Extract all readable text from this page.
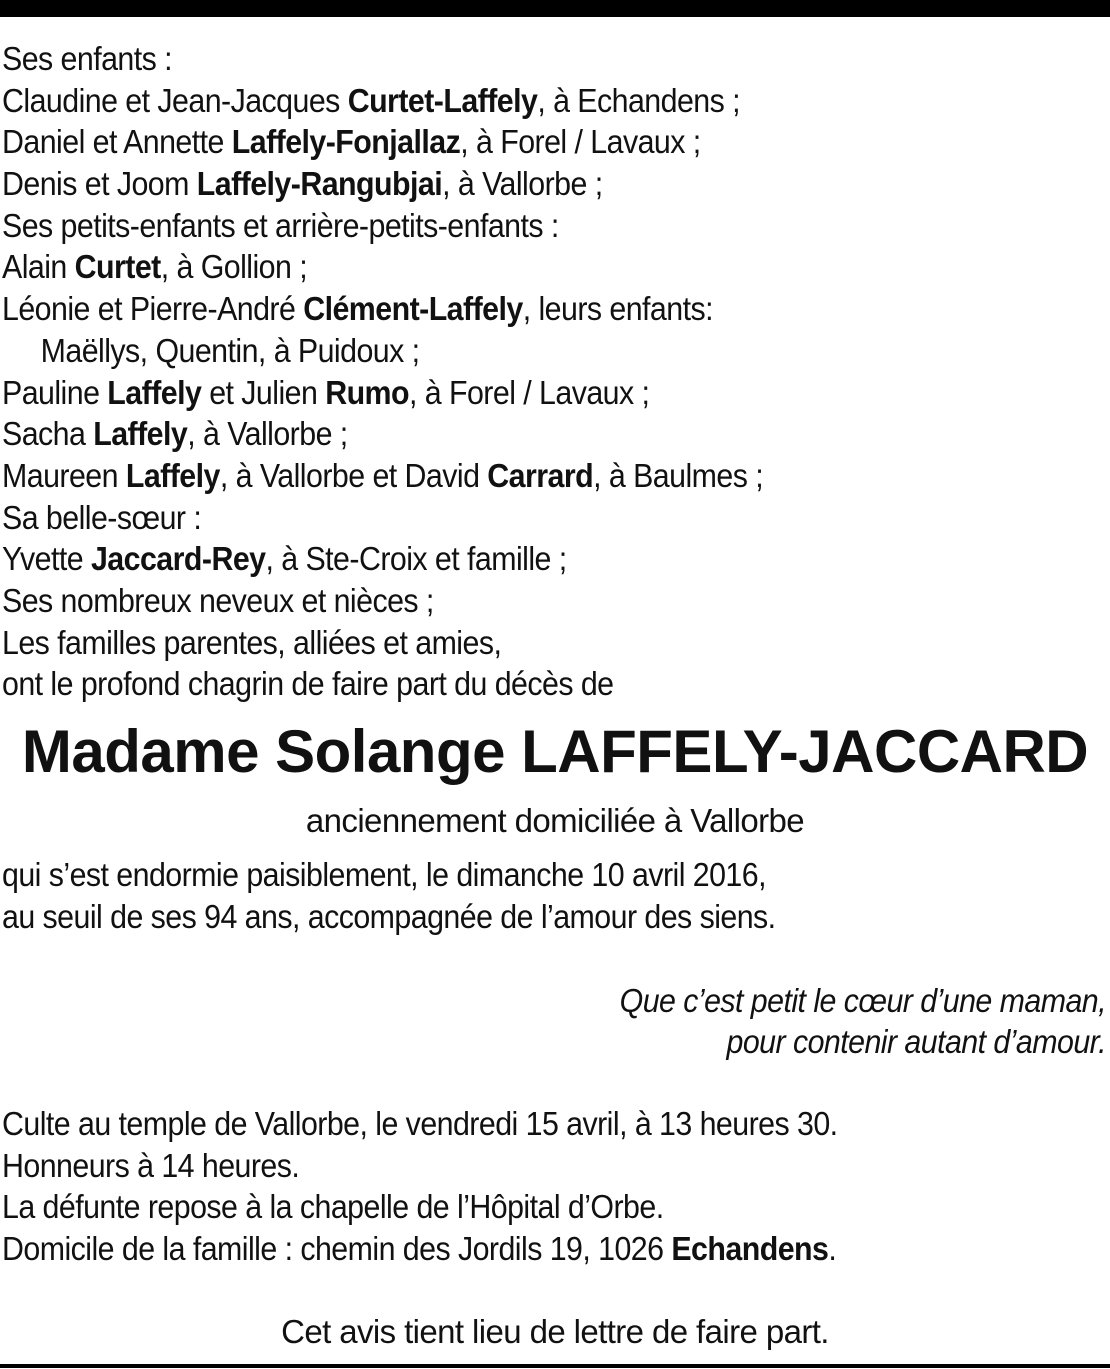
Ses enfants :
Claudine et Jean-Jacques Curtet-Laffely, à Echandens ;
Daniel et Annette Laffely-Fonjallaz, à Forel / Lavaux ;
Denis et Joom Laffely-Rangubjai, à Vallorbe ;
Ses petits-enfants et arrière-petits-enfants :
Alain Curtet, à Gollion ;
Léonie et Pierre-André Clément-Laffely, leurs enfants:
Maëllys, Quentin, à Puidoux ;
Pauline Laffely et Julien Rumo, à Forel / Lavaux ;
Sacha Laffely, à Vallorbe ;
Maureen Laffely, à Vallorbe et David Carrard, à Baulmes ;
Sa belle-sœur :
Yvette Jaccard-Rey, à Ste-Croix et famille ;
Ses nombreux neveux et nièces ;
Les familles parentes, alliées et amies,
ont le profond chagrin de faire part du décès de
Madame Solange LAFFELY-JACCARD
anciennement domiciliée à Vallorbe
qui s’est endormie paisiblement, le dimanche 10 avril 2016,
au seuil de ses 94 ans, accompagnée de l’amour des siens.
Que c’est petit le cœur d’une maman,
pour contenir autant d’amour.
Culte au temple de Vallorbe, le vendredi 15 avril, à 13 heures 30.
Honneurs à 14 heures.
La défunte repose à la chapelle de l’Hôpital d’Orbe.
Domicile de la famille : chemin des Jordils 19, 1026 Echandens.
Cet avis tient lieu de lettre de faire part.
